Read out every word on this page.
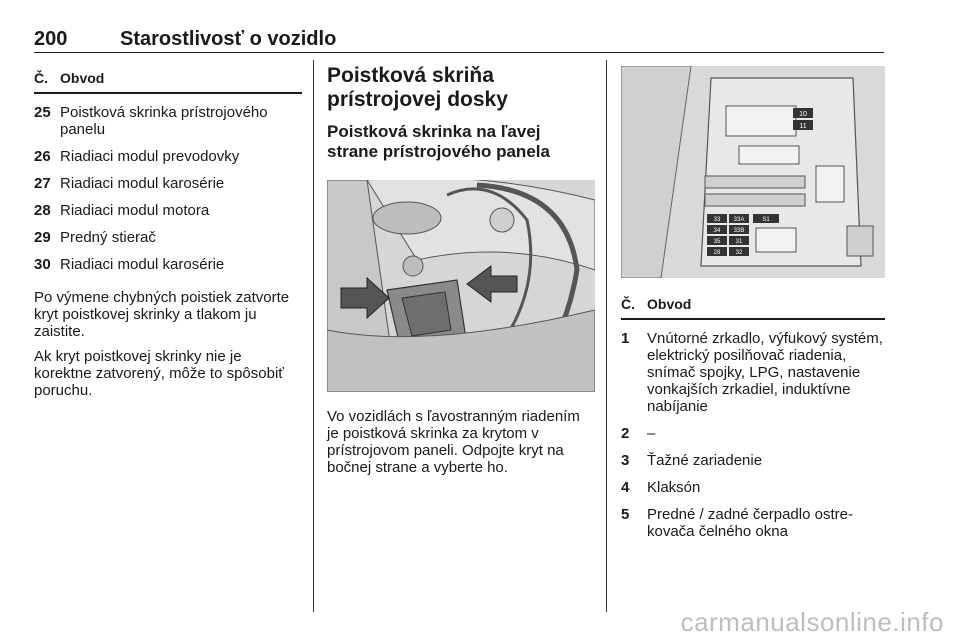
200	Starostlivosť o vozidlo
Č. Obvod
25 Poistková skrinka prístrojového panelu
26 Riadiaci modul prevodovky
27 Riadiaci modul karosérie
28 Riadiaci modul motora
29 Predný stierač
30 Riadiaci modul karosérie
Po výmene chybných poistiek zatvorte kryt poistkovej skrinky a tlakom ju zaistite.
Ak kryt poistkovej skrinky nie je korektne zatvorený, môže to spôsobiť poruchu.
Poistková skriňa prístrojovej dosky
Poistková skrinka na ľavej strane prístrojového panela
Vo vozidlách s ľavostranným riadením je poistková skrinka za krytom v prístrojovom paneli. Odpojte kryt na bočnej strane a vyberte ho.
10
11
33 33A	S1
34 33B
35	31
28	32
Č. Obvod
1	Vnútorné zrkadlo, výfukový systém, elektrický posilňovač riadenia, snímač spojky, LPG, nastavenie vonkajších zrkadiel, induktívne nabíjanie
2	–
3	Ťažné zariadenie
4	Klaksón
5	Predné / zadné čerpadlo ostre-kovača čelného okna
carmanualsonline.info
